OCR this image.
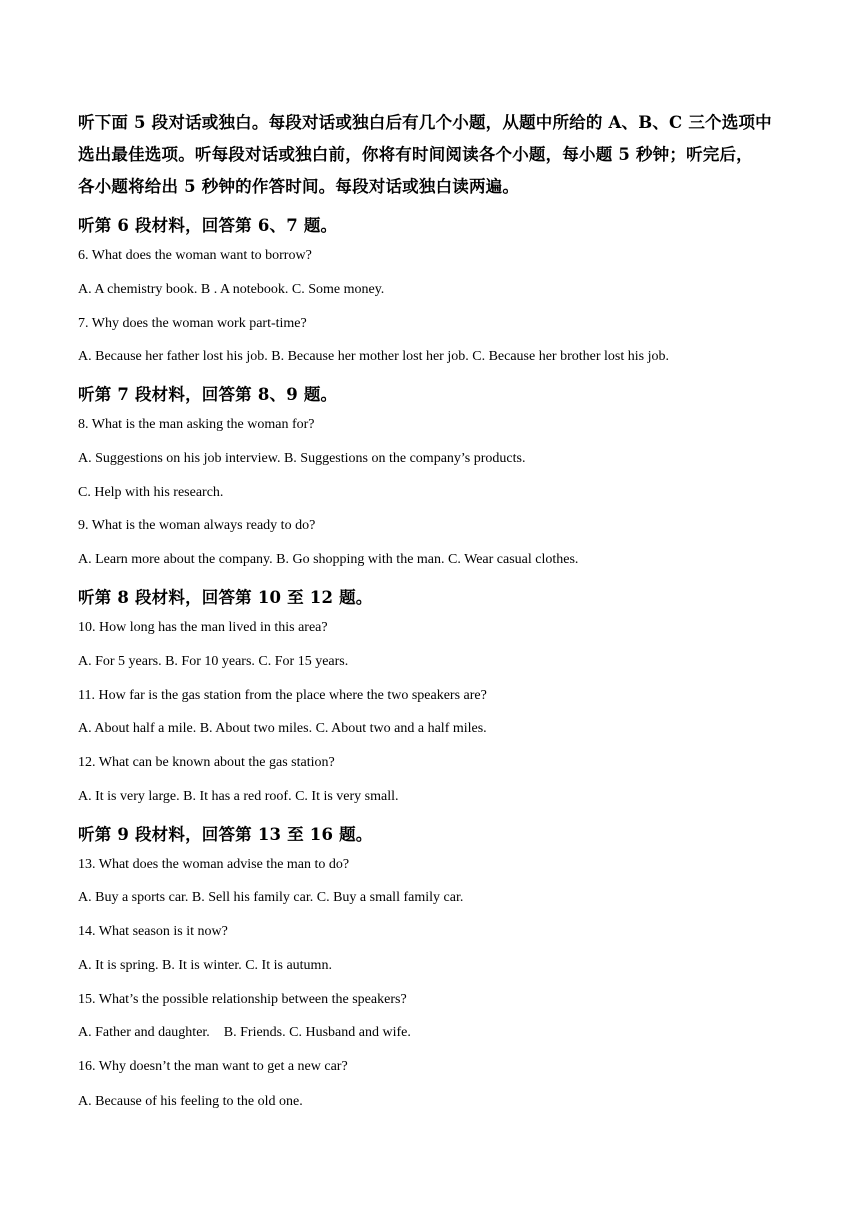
听下面 5 段对话或独白。每段对话或独白后有几个小题，从题中所给的 A、B、C 三个选项中

选出最佳选项。听每段对话或独白前，你将有时间阅读各个小题，每小题 5 秒钟；听完后，

各小题将给出 5 秒钟的作答时间。每段对话或独白读两遍。

听第 6 段材料，回答第 6、7 题。
6. What does the woman want to borrow?
A. A chemistry book. B . A notebook. C. Some money.
7. Why does the woman work part-time?
A. Because her father lost his job. B. Because her mother lost her job. C. Because her brother lost his job.
听第 7 段材料，回答第 8、9 题。
8. What is the man asking the woman for?
A. Suggestions on his job interview. B. Suggestions on the company’s products.
C. Help with his research.
9. What is the woman always ready to do?
A. Learn more about the company. B. Go shopping with the man. C. Wear casual clothes.
听第 8 段材料，回答第 10 至 12 题。
10. How long has the man lived in this area?
A. For 5 years. B. For 10 years. C. For 15 years.
11. How far is the gas station from the place where the two speakers are?
A. About half a mile. B. About two miles. C. About two and a half miles.
12. What can be known about the gas station?
A. It is very large. B. It has a red roof. C. It is very small.
听第 9 段材料，回答第 13 至 16 题。
13. What does the woman advise the man to do?
A. Buy a sports car. B. Sell his family car. C. Buy a small family car.
14. What season is it now?
A. It is spring. B. It is winter. C. It is autumn.
15. What’s the possible relationship between the speakers?
A. Father and daughter.    B. Friends. C. Husband and wife.
16. Why doesn’t the man want to get a new car?
A. Because of his feeling to the old one.
